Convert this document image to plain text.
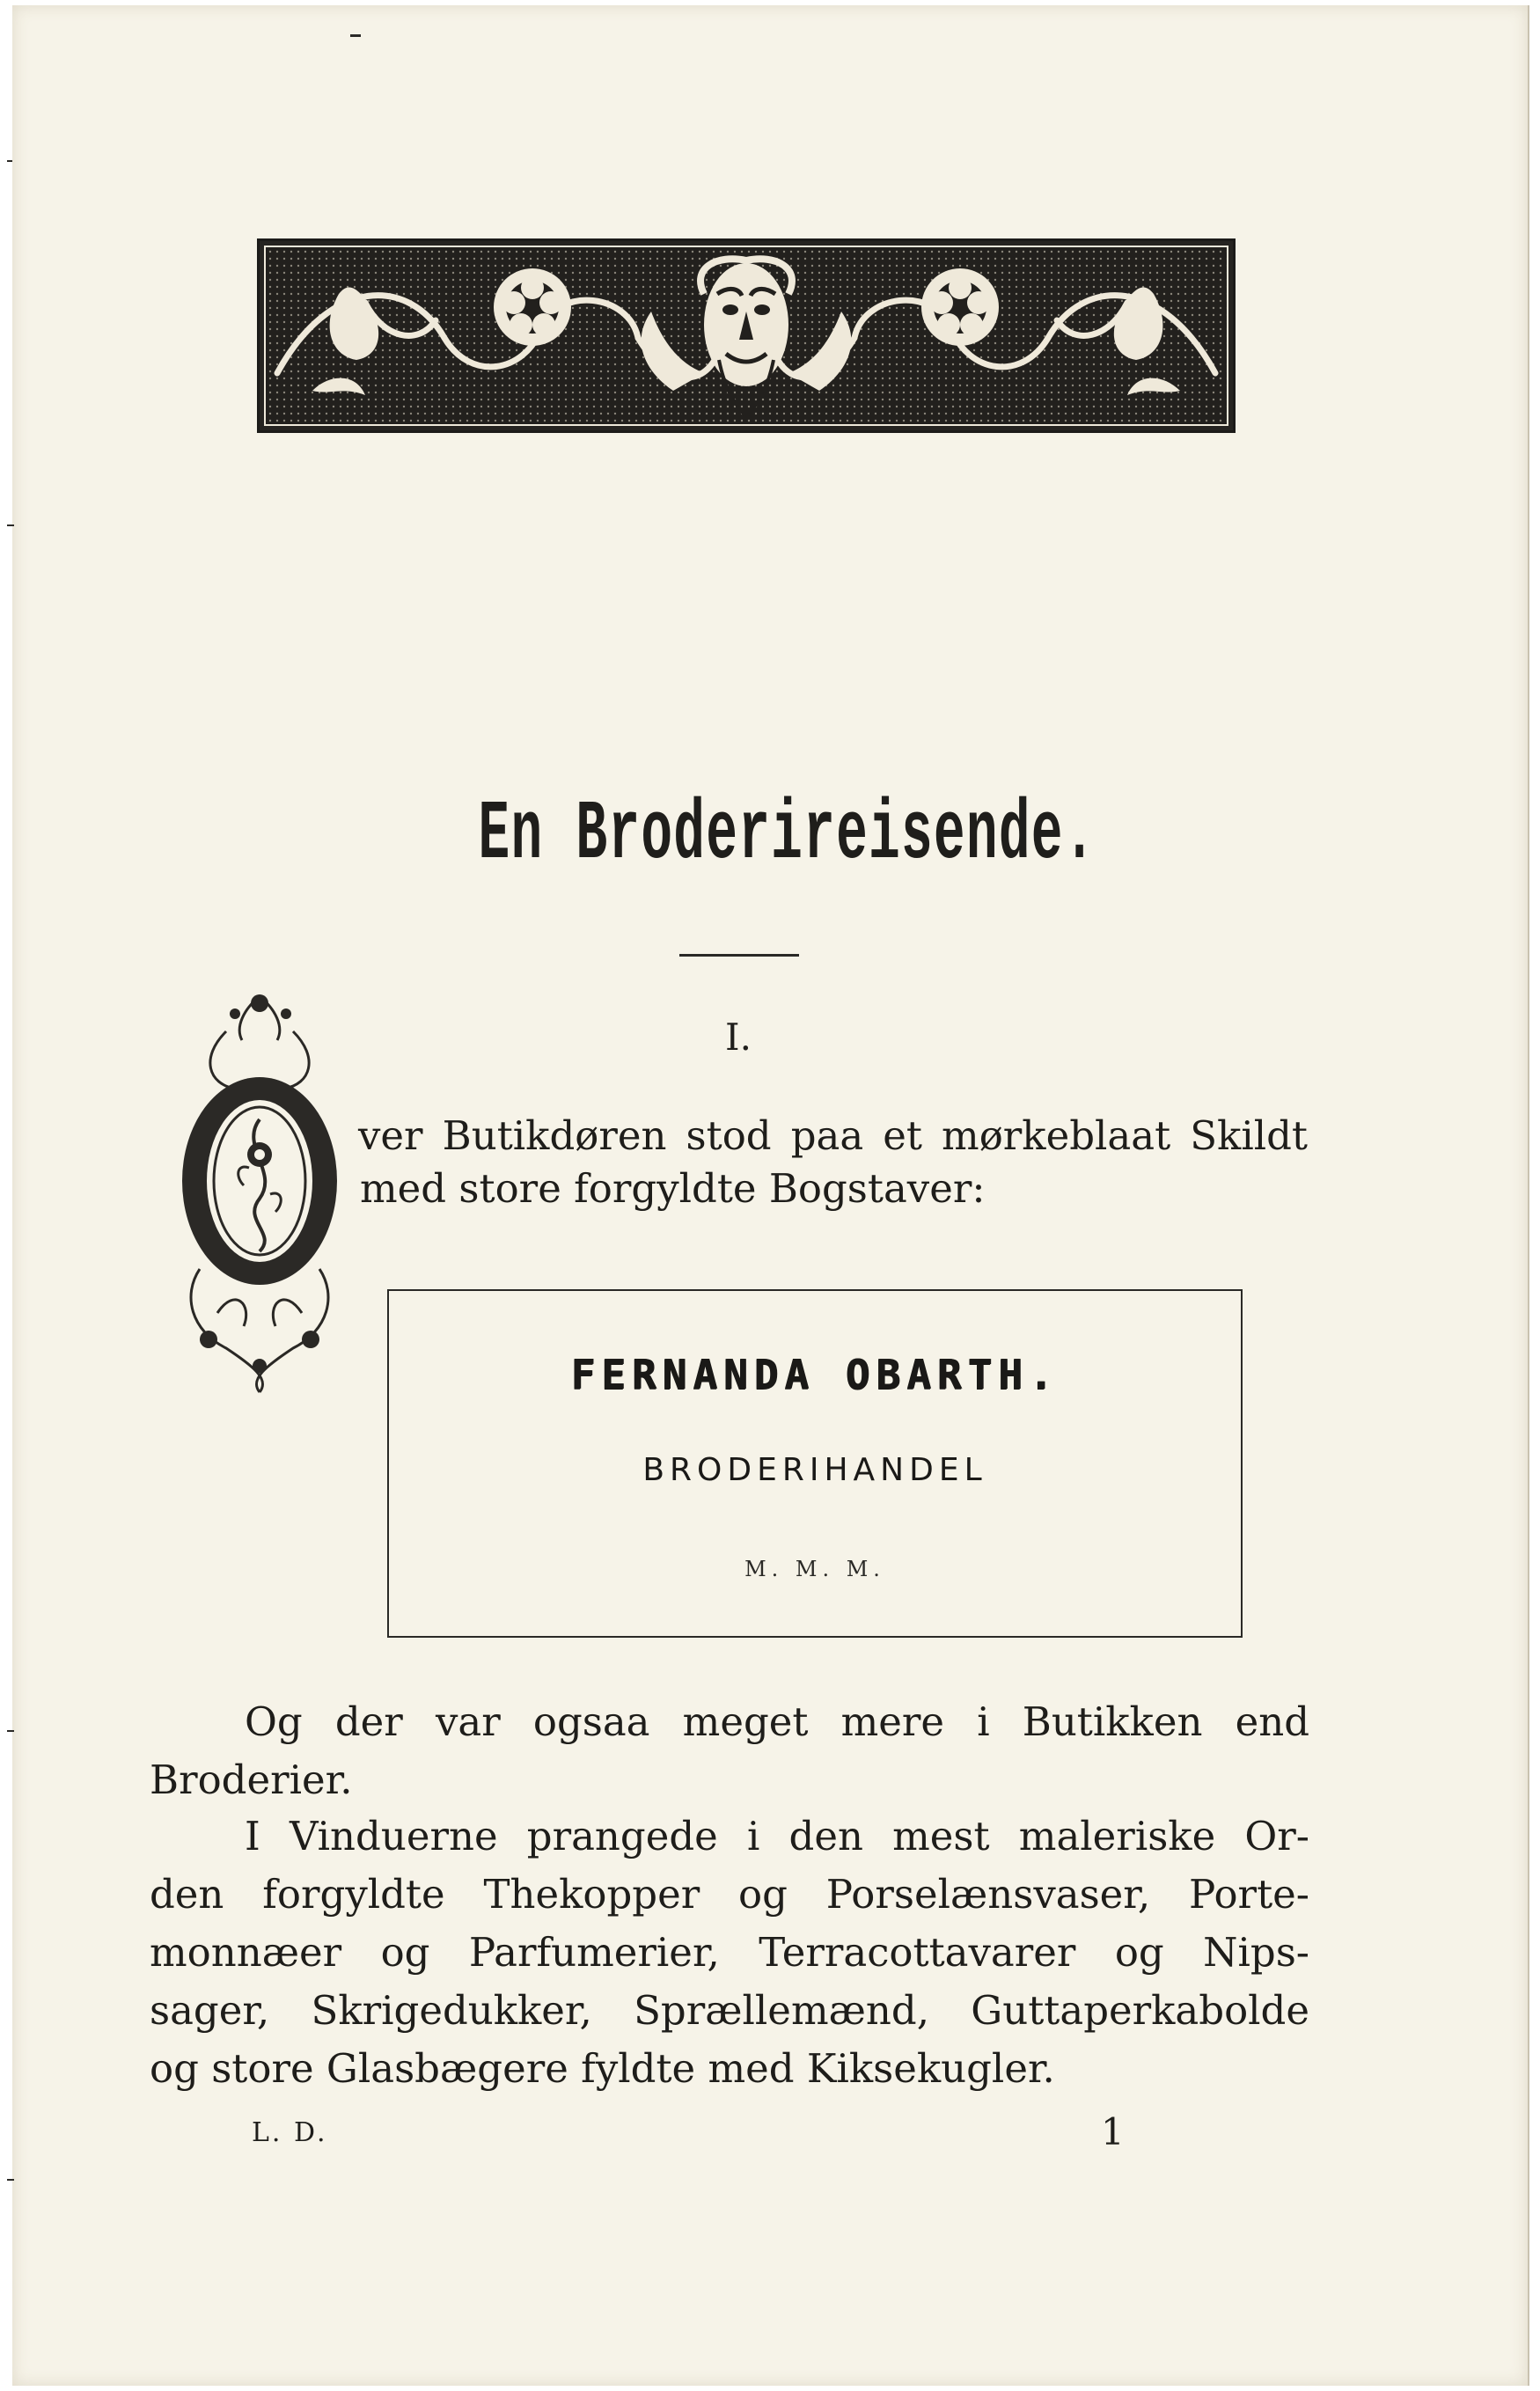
En Broderireisende.
I.
ver Butikdøren stod paa et mørkeblaat Skildt
med store forgyldte Bogstaver:
FERNANDA OBARTH.
BRODERIHANDEL
M. M. M.
Og der var ogsaa meget mere i Butikken end
Broderier.
I Vinduerne prangede i den mest maleriske Or-
den forgyldte Thekopper og Porselænsvaser, Porte-
monnæer og Parfumerier, Terracottavarer og Nips-
sager, Skrigedukker, Sprællemænd, Guttaperkabolde
og store Glasbægere fyldte med Kiksekugler.
L. D.	1
